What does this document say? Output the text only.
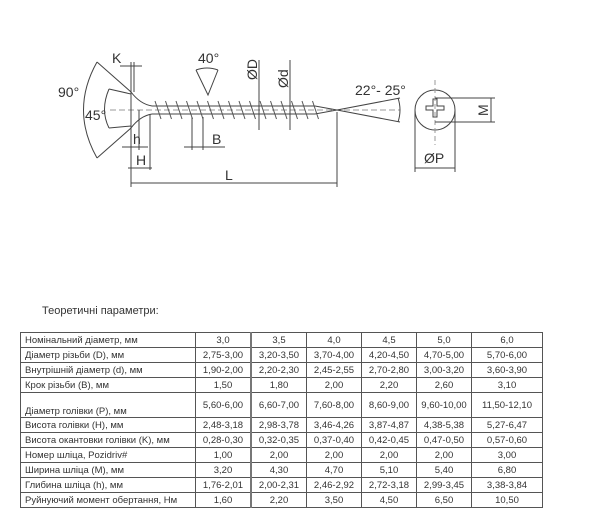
K
90°
45°
h
H
B
L
40°
ØD Ød
22°- 25°
M
ØP
Теоретичні параметри:
Номінальний діаметр, мм	3,0	3,5	4,0	4,5	5,0	6,0
Діаметр різьби (D), мм	2,75-3,00	3,20-3,50	3,70-4,00	4,20-4,50	4,70-5,00	5,70-6,00
Внутрішній діаметр (d), мм	1,90-2,00	2,20-2,30	2,45-2,55	2,70-2,80	3,00-3,20	3,60-3,90
Крок різьби (B), мм	1,50	1,80	2,00	2,20	2,60	3,10
Діаметр голівки (P), мм	5,60-6,00	6,60-7,00	7,60-8,00	8,60-9,00	9,60-10,00	11,50-12,10
Висота голівки (H), мм	2,48-3,18	2,98-3,78	3,46-4,26	3,87-4,87	4,38-5,38	5,27-6,47
Висота окантовки голівки (K), мм	0,28-0,30	0,32-0,35	0,37-0,40	0,42-0,45	0,47-0,50	0,57-0,60
Номер шліца, Pozidriv#	1,00	2,00	2,00	2,00	2,00	3,00
Ширина шліца (M), мм	3,20	4,30	4,70	5,10	5,40	6,80
Глибина шліца (h), мм	1,76-2,01	2,00-2,31	2,46-2,92	2,72-3,18	2,99-3,45	3,38-3,84
Руйнуючий момент обертання, Нм	1,60	2,20	3,50	4,50	6,50	10,50
